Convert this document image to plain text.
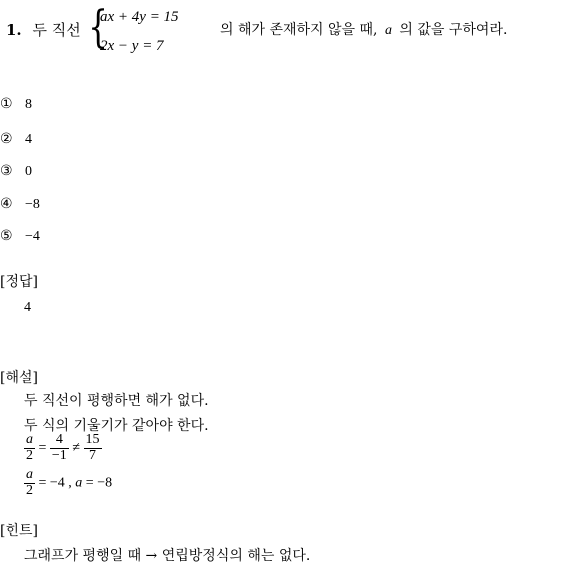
1. 두 직선 {
ax + 4y = 15
2x − y = 7
의 해가 존재하지 않을 때, a 의 값을 구하여라.
① 8
② 4
③ 0
④ −8
⑤ −4
[정답]
4
[해설]
두 직선이 평행하면 해가 없다.
두 식의 기울기가 같아야 한다.
$\frac{a}{2} = \frac{4}{-1} \ne \frac{15}{7}$
$\frac{a}{2} = -4$ , a = −8
[힌트]
그래프가 평행일 때 → 연립방정식의 해는 없다.
